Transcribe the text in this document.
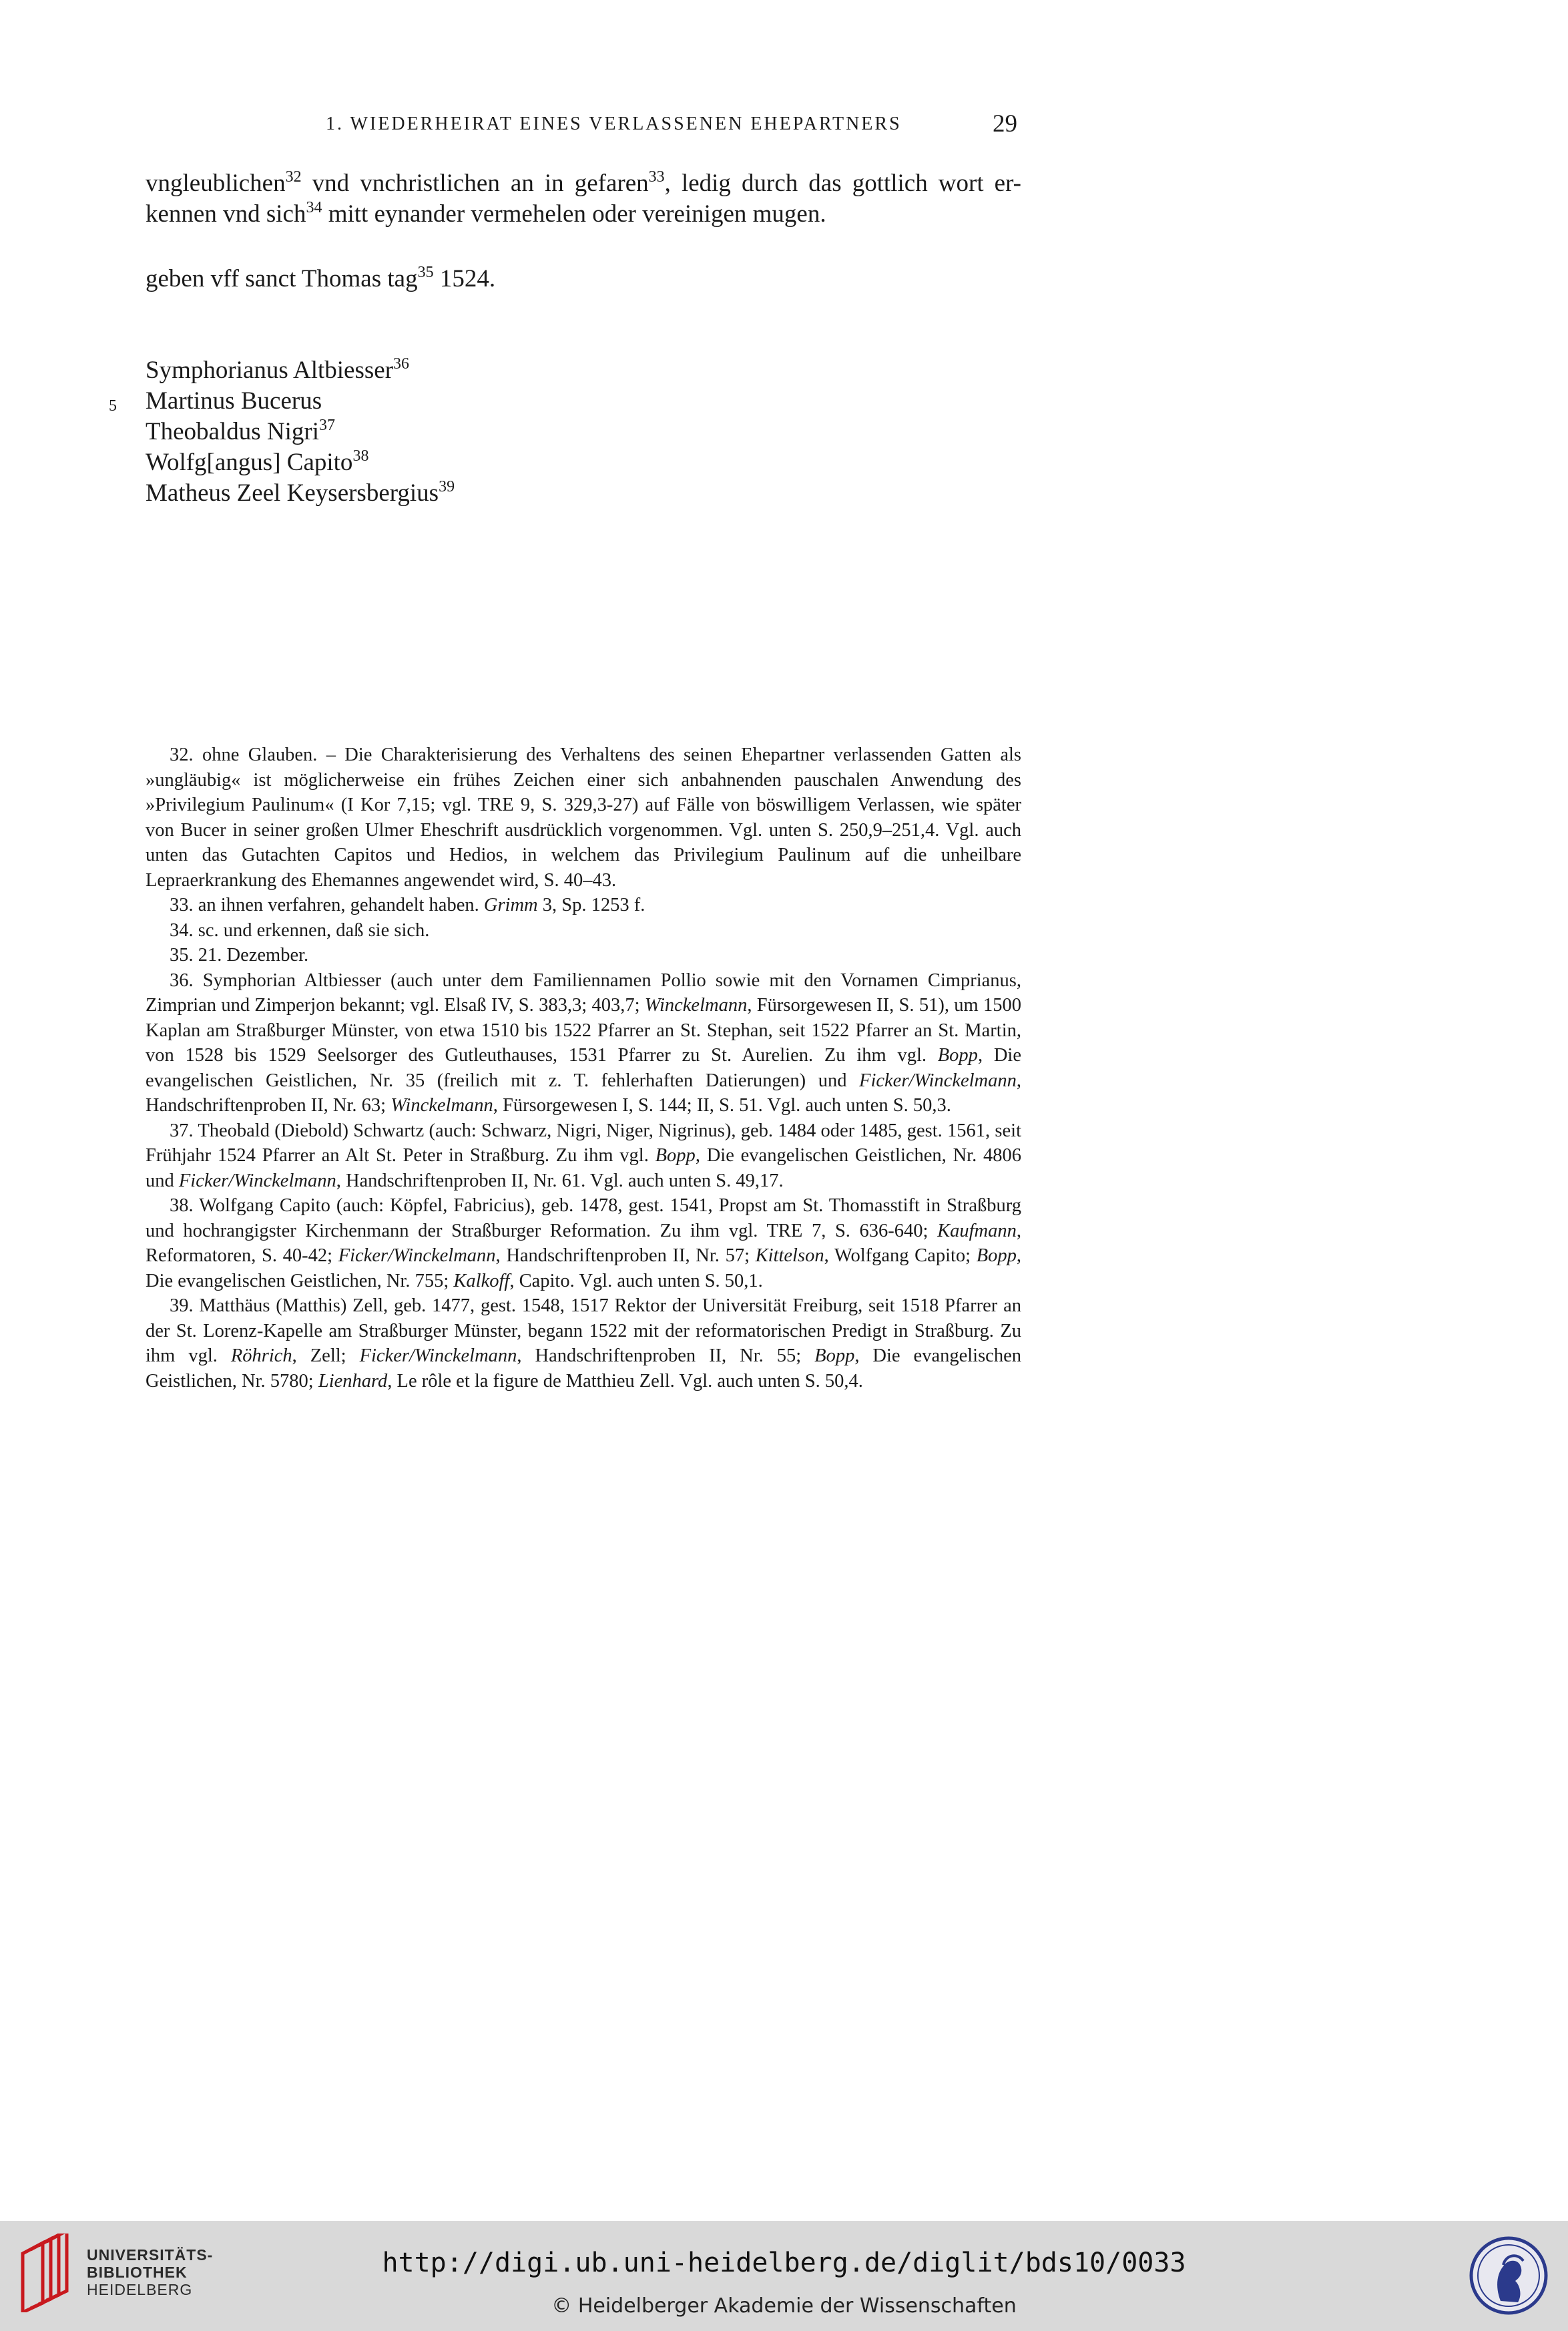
1. WIEDERHEIRAT EINES VERLASSENEN EHEPARTNERS	29
vngleublichen$^{32}$ vnd vnchristlichen an in gefaren$^{33}$, ledig durch das gottlich wort er-
kennen vnd sich$^{34}$ mitt eynander vermehelen oder vereinigen mugen.
geben vff sanct Thomas tag$^{35}$ 1524.
5
Symphorianus Altbiesser$^{36}$
Martinus Bucerus
Theobaldus Nigri$^{37}$
Wolfg[angus] Capito$^{38}$
Matheus Zeel Keysersbergius$^{39}$

32. ohne Glauben. – Die Charakterisierung des Verhaltens des seinen Ehepartner verlassenden Gatten als »ungläubig« ist möglicherweise ein frühes Zeichen einer sich anbahnenden pauschalen Anwendung des »Privilegium Paulinum« (I Kor 7,15; vgl. TRE 9, S. 329,3-27) auf Fälle von böswilligem Verlassen, wie später von Bucer in seiner großen Ulmer Eheschrift ausdrücklich vorgenommen. Vgl. unten S. 250,9–251,4. Vgl. auch unten das Gutachten Capitos und Hedios, in welchem das Privilegium Paulinum auf die unheilbare Lepraerkrankung des Ehemannes angewendet wird, S. 40–43.

33. an ihnen verfahren, gehandelt haben. Grimm 3, Sp. 1253 f.

34. sc. und erkennen, daß sie sich.

35. 21. Dezember.

36. Symphorian Altbiesser (auch unter dem Familiennamen Pollio sowie mit den Vornamen Cimprianus, Zimprian und Zimperjon bekannt; vgl. Elsaß IV, S. 383,3; 403,7; Winckelmann, Fürsorgewesen II, S. 51), um 1500 Kaplan am Straßburger Münster, von etwa 1510 bis 1522 Pfarrer an St. Stephan, seit 1522 Pfarrer an St. Martin, von 1528 bis 1529 Seelsorger des Gutleuthauses, 1531 Pfarrer zu St. Aurelien. Zu ihm vgl. Bopp, Die evangelischen Geistlichen, Nr. 35 (freilich mit z. T. fehlerhaften Datierungen) und Ficker/Winckelmann, Handschriftenproben II, Nr. 63; Winckelmann, Fürsorgewesen I, S. 144; II, S. 51. Vgl. auch unten S. 50,3.

37. Theobald (Diebold) Schwartz (auch: Schwarz, Nigri, Niger, Nigrinus), geb. 1484 oder 1485, gest. 1561, seit Frühjahr 1524 Pfarrer an Alt St. Peter in Straßburg. Zu ihm vgl. Bopp, Die evangelischen Geistlichen, Nr. 4806 und Ficker/Winckelmann, Handschriftenproben II, Nr. 61. Vgl. auch unten S. 49,17.

38. Wolfgang Capito (auch: Köpfel, Fabricius), geb. 1478, gest. 1541, Propst am St. Thomasstift in Straßburg und hochrangigster Kirchenmann der Straßburger Reformation. Zu ihm vgl. TRE 7, S. 636-640; Kaufmann, Reformatoren, S. 40-42; Ficker/Winckelmann, Handschriftenproben II, Nr. 57; Kittelson, Wolfgang Capito; Bopp, Die evangelischen Geistlichen, Nr. 755; Kalkoff, Capito. Vgl. auch unten S. 50,1.

39. Matthäus (Matthis) Zell, geb. 1477, gest. 1548, 1517 Rektor der Universität Freiburg, seit 1518 Pfarrer an der St. Lorenz-Kapelle am Straßburger Münster, begann 1522 mit der reformatorischen Predigt in Straßburg. Zu ihm vgl. Röhrich, Zell; Ficker/Winckelmann, Handschriftenproben II, Nr. 55; Bopp, Die evangelischen Geistlichen, Nr. 5780; Lienhard, Le rôle et la figure de Matthieu Zell. Vgl. auch unten S. 50,4.

UNIVERSITÄTS-
BIBLIOTHEK
HEIDELBERG
http://digi.ub.uni-heidelberg.de/diglit/bds10/0033
© Heidelberger Akademie der Wissenschaften
